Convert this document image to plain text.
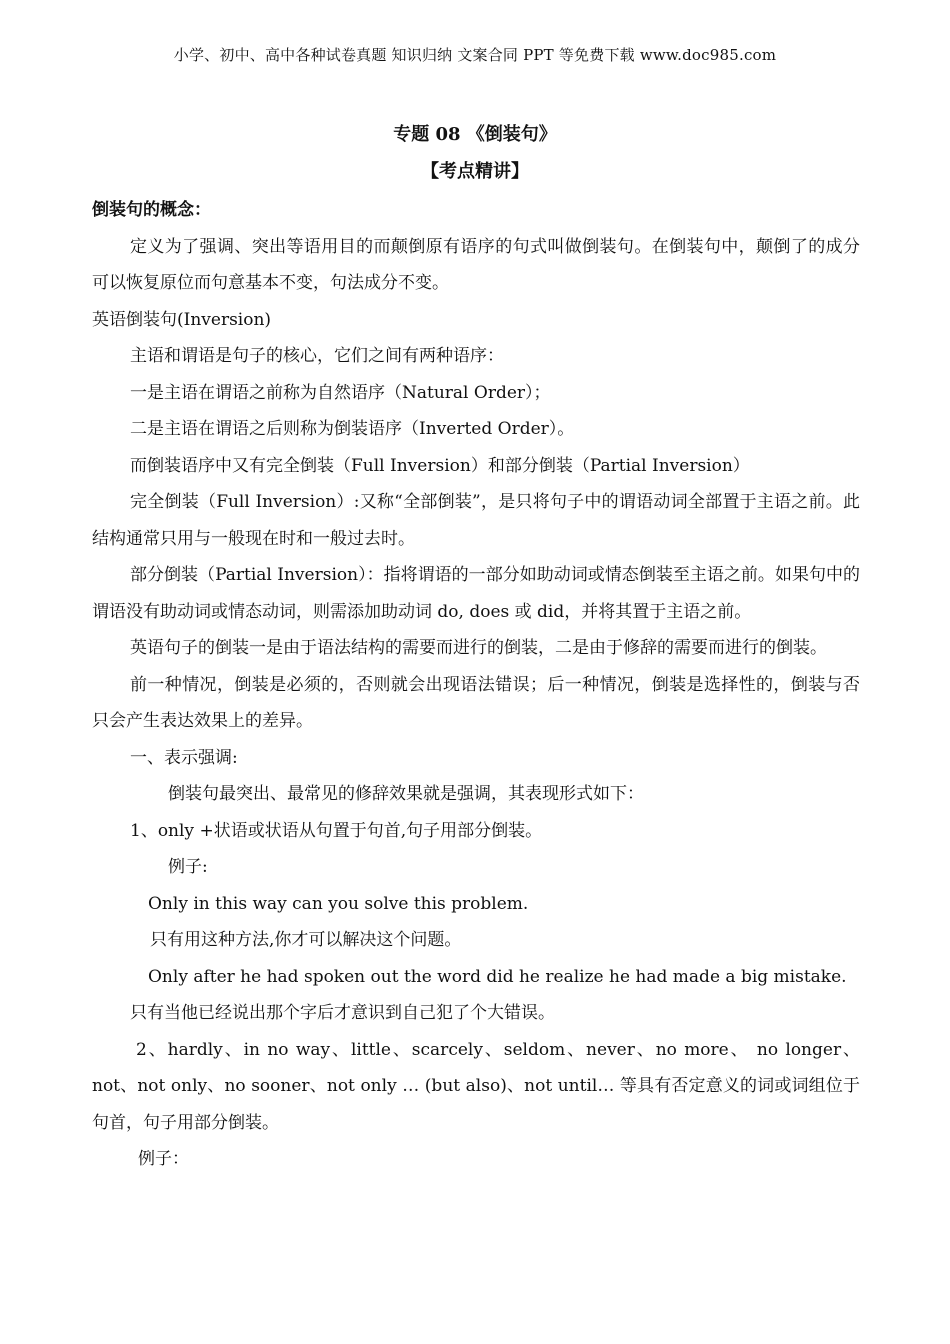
小学、初中、高中各种试卷真题 知识归纳 文案合同 PPT 等免费下载 www.doc985.com
专题 08 《倒装句》
【考点精讲】

倒装句的概念：

定义为了强调、突出等语用目的而颠倒原有语序的句式叫做倒装句。在倒装句中，颠倒了的成分可以恢复原位而句意基本不变，句法成分不变。

英语倒装句(Inversion)

主语和谓语是句子的核心，它们之间有两种语序：

一是主语在谓语之前称为自然语序（Natural Order）；

二是主语在谓语之后则称为倒装语序（Inverted Order）。

而倒装语序中又有完全倒装（Full Inversion）和部分倒装（Partial Inversion）

完全倒装（Full Inversion）:又称“全部倒装”，是只将句子中的谓语动词全部置于主语之前。此结构通常只用与一般现在时和一般过去时。

部分倒装（Partial Inversion）：指将谓语的一部分如助动词或情态倒装至主语之前。如果句中的谓语没有助动词或情态动词，则需添加助动词 do, does 或 did，并将其置于主语之前。

英语句子的倒装一是由于语法结构的需要而进行的倒装，二是由于修辞的需要而进行的倒装。

前一种情况，倒装是必须的，否则就会出现语法错误；后一种情况，倒装是选择性的，倒装与否只会产生表达效果上的差异。

一、表示强调:

倒装句最突出、最常见的修辞效果就是强调，其表现形式如下：

1、only +状语或状语从句置于句首,句子用部分倒装。

例子:

Only in this way can you solve this problem.

只有用这种方法,你才可以解决这个问题。

Only after he had spoken out the word did he realize he had made a big mistake.

只有当他已经说出那个字后才意识到自己犯了个大错误。

2、hardly、in no way、little、scarcely、seldom、never、no more、 no longer、not、not only、no sooner、not only … (but also)、not until… 等具有否定意义的词或词组位于句首，句子用部分倒装。

例子：
